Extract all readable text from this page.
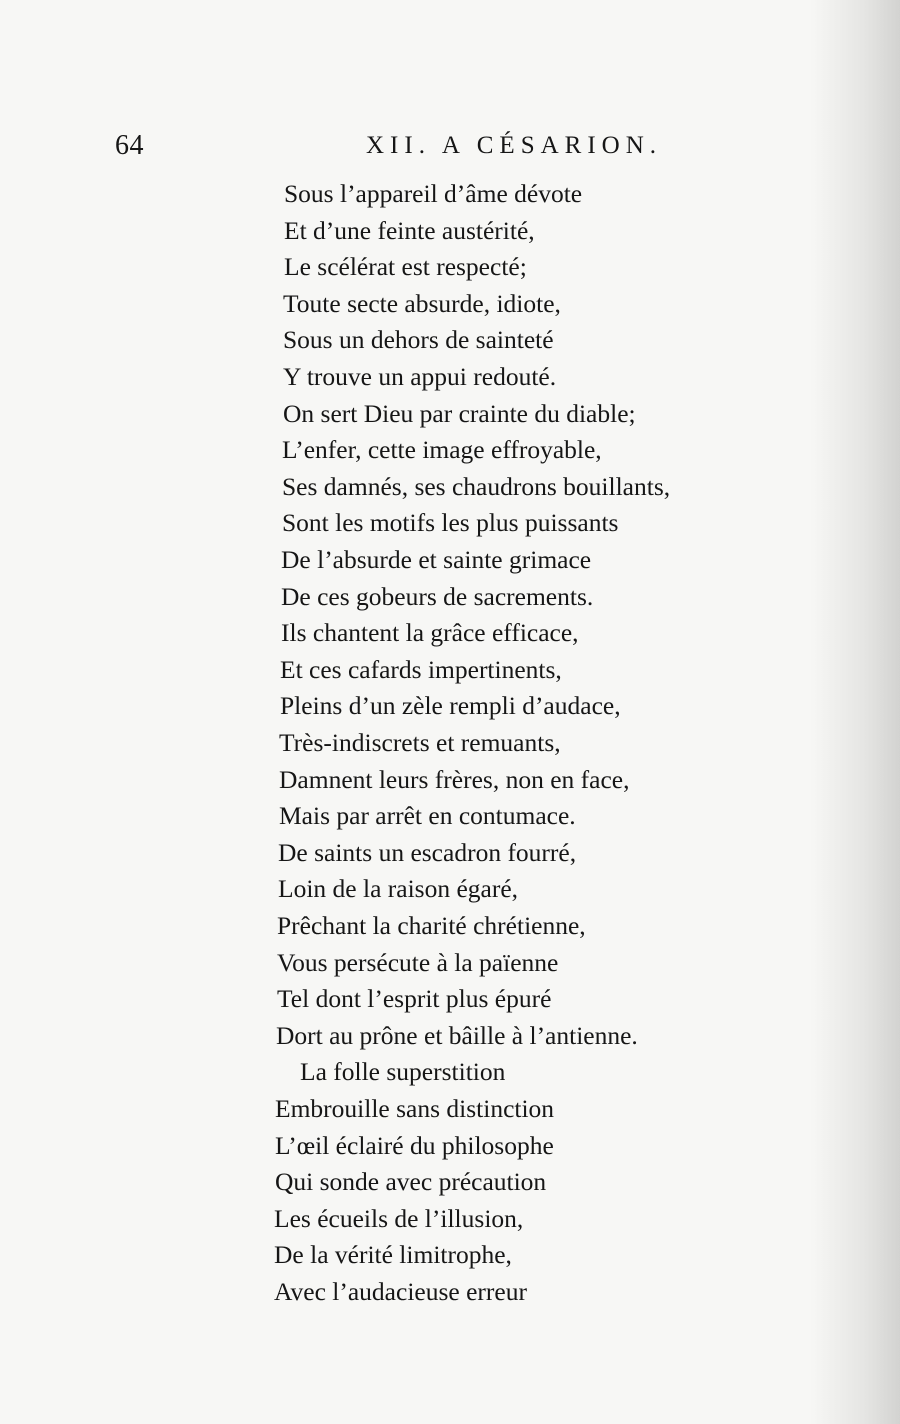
64	XII. A CÉSARION.
Sous l’appareil d’âme dévote
Et d’une feinte austérité,
Le scélérat est respecté;
Toute secte absurde, idiote,
Sous un dehors de sainteté
Y trouve un appui redouté.
On sert Dieu par crainte du diable;
L’enfer, cette image effroyable,
Ses damnés, ses chaudrons bouillants,
Sont les motifs les plus puissants
De l’absurde et sainte grimace
De ces gobeurs de sacrements.
Ils chantent la grâce efficace,
Et ces cafards impertinents,
Pleins d’un zèle rempli d’audace,
Très-indiscrets et remuants,
Damnent leurs frères, non en face,
Mais par arrêt en contumace.
De saints un escadron fourré,
Loin de la raison égaré,
Prêchant la charité chrétienne,
Vous persécute à la païenne
Tel dont l’esprit plus épuré
Dort au prône et bâille à l’antienne.
La folle superstition
Embrouille sans distinction
L’œil éclairé du philosophe
Qui sonde avec précaution
Les écueils de l’illusion,
De la vérité limitrophe,
Avec l’audacieuse erreur
